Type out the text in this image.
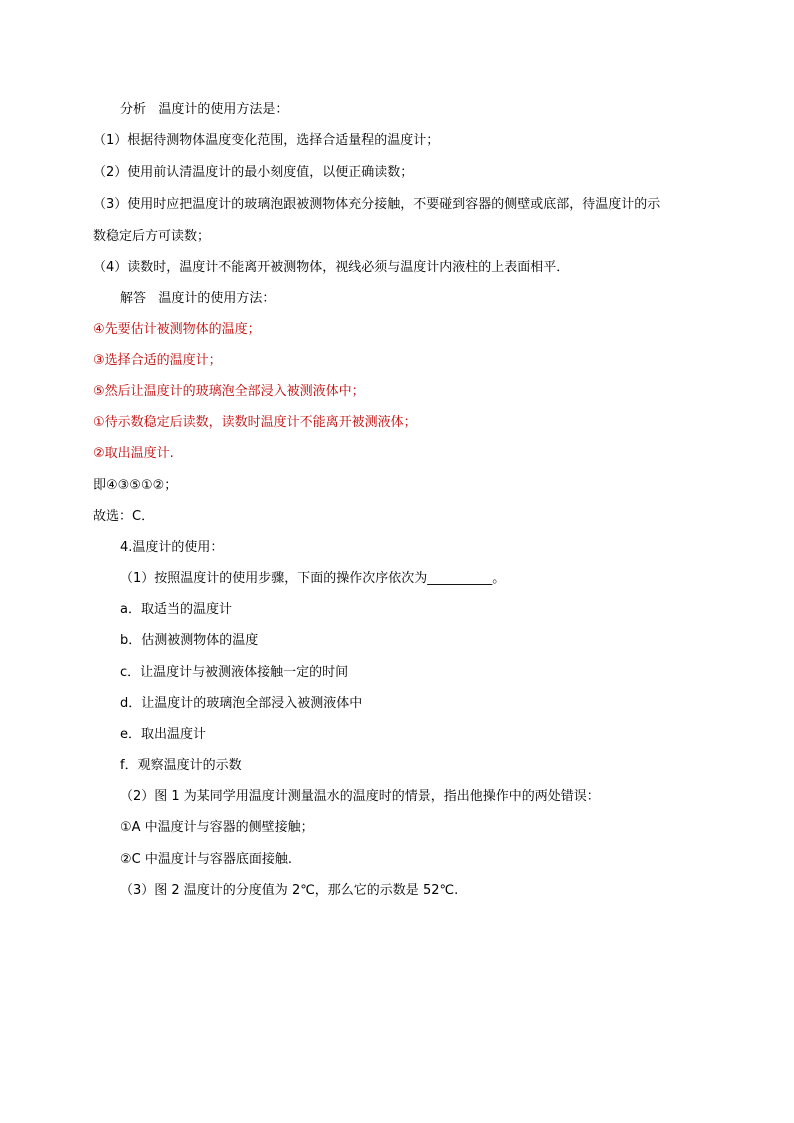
分析 温度计的使用方法是：
（1）根据待测物体温度变化范围，选择合适量程的温度计；
（2）使用前认清温度计的最小刻度值，以便正确读数；
（3）使用时应把温度计的玻璃泡跟被测物体充分接触，不要碰到容器的侧壁或底部，待温度计的示
数稳定后方可读数；
（4）读数时，温度计不能离开被测物体，视线必须与温度计内液柱的上表面相平．
解答 温度计的使用方法：
④先要估计被测物体的温度；
③选择合适的温度计；
⑤然后让温度计的玻璃泡全部浸入被测液体中；
①待示数稳定后读数，读数时温度计不能离开被测液体；
②取出温度计.
即④③⑤①②；
故选：C．
4.温度计的使用：
（1）按照温度计的使用步骤，下面的操作次序依次为__________。
a．取适当的温度计
b．估测被测物体的温度
c．让温度计与被测液体接触一定的时间
d．让温度计的玻璃泡全部浸入被测液体中
e．取出温度计
f．观察温度计的示数
（2）图 1 为某同学用温度计测量温水的温度时的情景，指出他操作中的两处错误：
①A 中温度计与容器的侧壁接触；
②C 中温度计与容器底面接触.
（3）图 2 温度计的分度值为 2℃，那么它的示数是 52℃.
